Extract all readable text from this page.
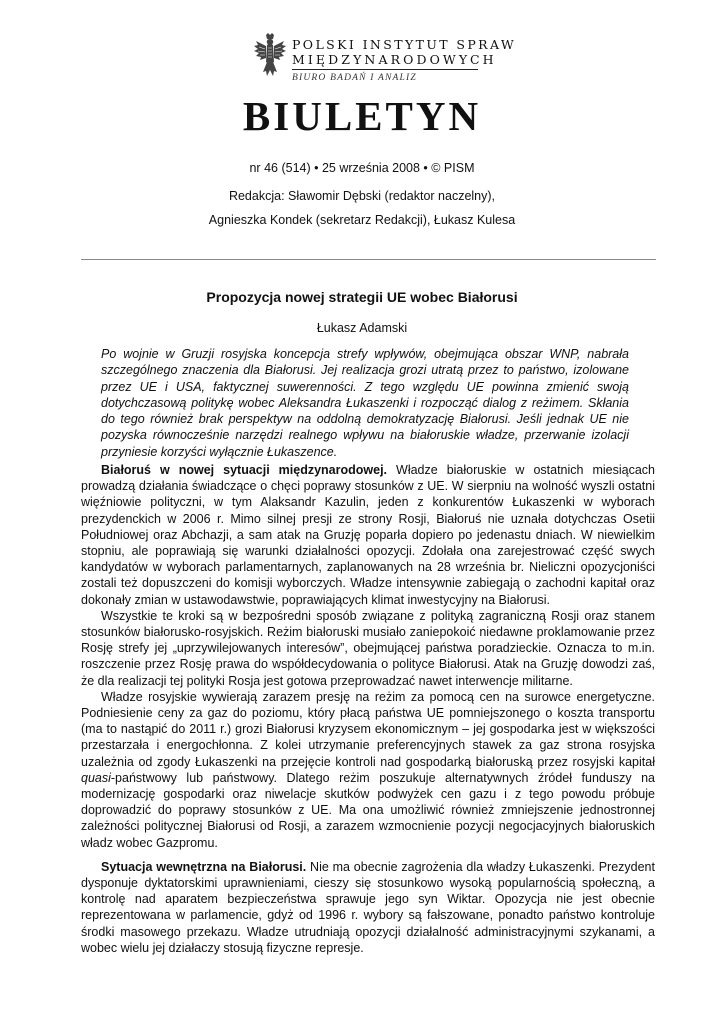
POLSKI INSTYTUT SPRAW
MIĘDZYNARODOWYCH
BIURO BADAŃ I ANALIZ
BIULETYN
nr 46 (514) • 25 września 2008 • © PISM
Redakcja: Sławomir Dębski (redaktor naczelny),
Agnieszka Kondek (sekretarz Redakcji), Łukasz Kulesa
Propozycja nowej strategii UE wobec Białorusi
Łukasz Adamski

Po wojnie w Gruzji rosyjska koncepcja strefy wpływów, obejmująca obszar WNP, nabrała szczególnego znaczenia dla Białorusi. Jej realizacja grozi utratą przez to państwo, izolowane przez UE i USA, faktycznej suwerenności. Z tego względu UE powinna zmienić swoją dotychczasową politykę wobec Aleksandra Łukaszenki i rozpocząć dialog z reżimem. Skłania do tego również brak perspektyw na oddolną demokratyzację Białorusi. Jeśli jednak UE nie pozyska równocześnie narzędzi realnego wpływu na białoruskie władze, przerwanie izolacji przyniesie korzyści wyłącznie Łukaszence.

Białoruś w nowej sytuacji międzynarodowej. Władze białoruskie w ostatnich miesiącach prowadzą działania świadczące o chęci poprawy stosunków z UE. W sierpniu na wolność wyszli ostatni więźniowie polityczni, w tym Alaksandr Kazulin, jeden z konkurentów Łukaszenki w wyborach prezydenckich w 2006 r. Mimo silnej presji ze strony Rosji, Białoruś nie uznała dotychczas Osetii Południowej oraz Abchazji, a sam atak na Gruzję poparła dopiero po jedenastu dniach. W niewielkim stopniu, ale poprawiają się warunki działalności opozycji. Zdołała ona zarejestrować część swych kandydatów w wyborach parlamentarnych, zaplanowanych na 28 września br. Nieliczni opozycjoniści zostali też dopuszczeni do komisji wyborczych. Władze intensywnie zabiegają o zachodni kapitał oraz dokonały zmian w ustawodawstwie, poprawiających klimat inwestycyjny na Białorusi.

Wszystkie te kroki są w bezpośredni sposób związane z polityką zagraniczną Rosji oraz stanem stosunków białorusko-rosyjskich. Reżim białoruski musiało zaniepokoić niedawne proklamowanie przez Rosję strefy jej „uprzywilejowanych interesów”, obejmującej państwa poradzieckie. Oznacza to m.in. roszczenie przez Rosję prawa do współdecydowania o polityce Białorusi. Atak na Gruzję dowodzi zaś, że dla realizacji tej polityki Rosja jest gotowa przeprowadzać nawet interwencje militarne.

Władze rosyjskie wywierają zarazem presję na reżim za pomocą cen na surowce energetyczne. Podniesienie ceny za gaz do poziomu, który płacą państwa UE pomniejszonego o koszta transportu (ma to nastąpić do 2011 r.) grozi Białorusi kryzysem ekonomicznym – jej gospodarka jest w większości przestarzała i energochłonna. Z kolei utrzymanie preferencyjnych stawek za gaz strona rosyjska uzależnia od zgody Łukaszenki na przejęcie kontroli nad gospodarką białoruską przez rosyjski kapitał quasi-państwowy lub państwowy. Dlatego reżim poszukuje alternatywnych źródeł funduszy na modernizację gospodarki oraz niwelacje skutków podwyżek cen gazu i z tego powodu próbuje doprowadzić do poprawy stosunków z UE. Ma ona umożliwić również zmniejszenie jednostronnej zależności politycznej Białorusi od Rosji, a zarazem wzmocnienie pozycji negocjacyjnych białoruskich władz wobec Gazpromu.

Sytuacja wewnętrzna na Białorusi. Nie ma obecnie zagrożenia dla władzy Łukaszenki. Prezydent dysponuje dyktatorskimi uprawnieniami, cieszy się stosunkowo wysoką popularnością społeczną, a kontrolę nad aparatem bezpieczeństwa sprawuje jego syn Wiktar. Opozycja nie jest obecnie reprezentowana w parlamencie, gdyż od 1996 r. wybory są fałszowane, ponadto państwo kontroluje środki masowego przekazu. Władze utrudniają opozycji działalność administracyjnymi szykanami, a wobec wielu jej działaczy stosują fizyczne represje.
